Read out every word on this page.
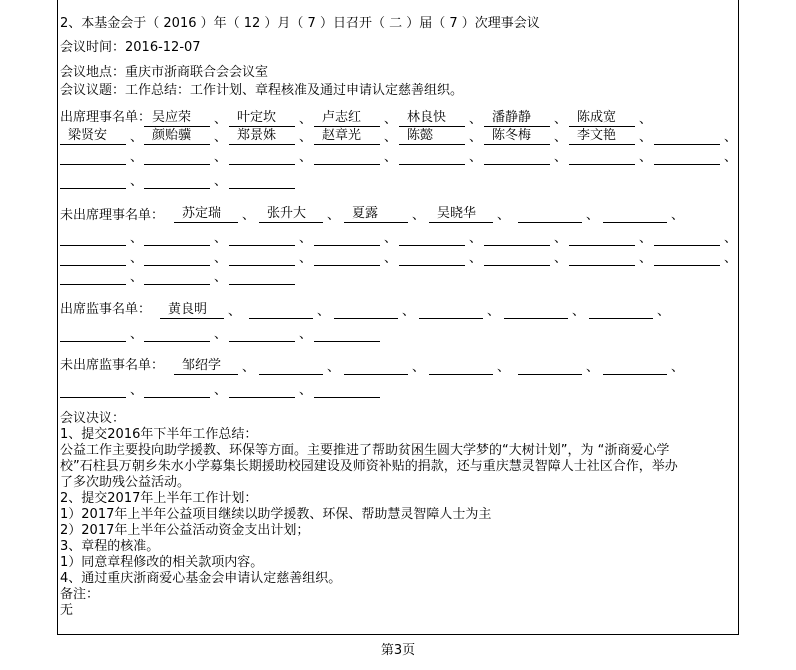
2、本基金会于（ 2016 ）年（ 12 ）月（ 7 ）日召开（ 二 ）届（ 7 ）次理事会议
会议时间：2016-12-07
会议地点：重庆市浙商联合会会议室
会议议题：工作总结：工作计划、章程核准及通过申请认定慈善组织。
出席理事名单： 吴应荣	、 叶定坎	、 卢志红	、 林良快	、 潘静静	、 陈成宽	、
梁贤安	、 颜贻骥	、 郑景姝	、 赵章光	、 陈懿	、 陈冬梅	、 李文艳	、	、
、	、	、	、	、	、	、	、
、	、
未出席理事名单：	苏定瑞	、 张升大	、 夏露	、 吴晓华	、	、	、
、	、	、	、	、	、	、	、
、	、	、	、	、	、	、	、
、	、
出席监事名单：	黄良明	、	、	、	、	、	、
、	、	、
未出席监事名单：	邹绍学	、	、	、	、	、	、
、	、	、
会议决议：
1、提交2016年下半年工作总结：
公益工作主要投向助学援教、环保等方面。主要推进了帮助贫困生圆大学梦的“大树计划”，为 “浙商爱心学
校”石柱县万朝乡朱水小学募集长期援助校园建设及师资补贴的捐款，还与重庆慧灵智障人士社区合作，举办
了多次助残公益活动。
2、提交2017年上半年工作计划：
1）2017年上半年公益项目继续以助学援教、环保、帮助慧灵智障人士为主
2）2017年上半年公益活动资金支出计划；
3、章程的核准。
1）同意章程修改的相关款项内容。
4、通过重庆浙商爱心基金会申请认定慈善组织。
备注：
无
第3页
